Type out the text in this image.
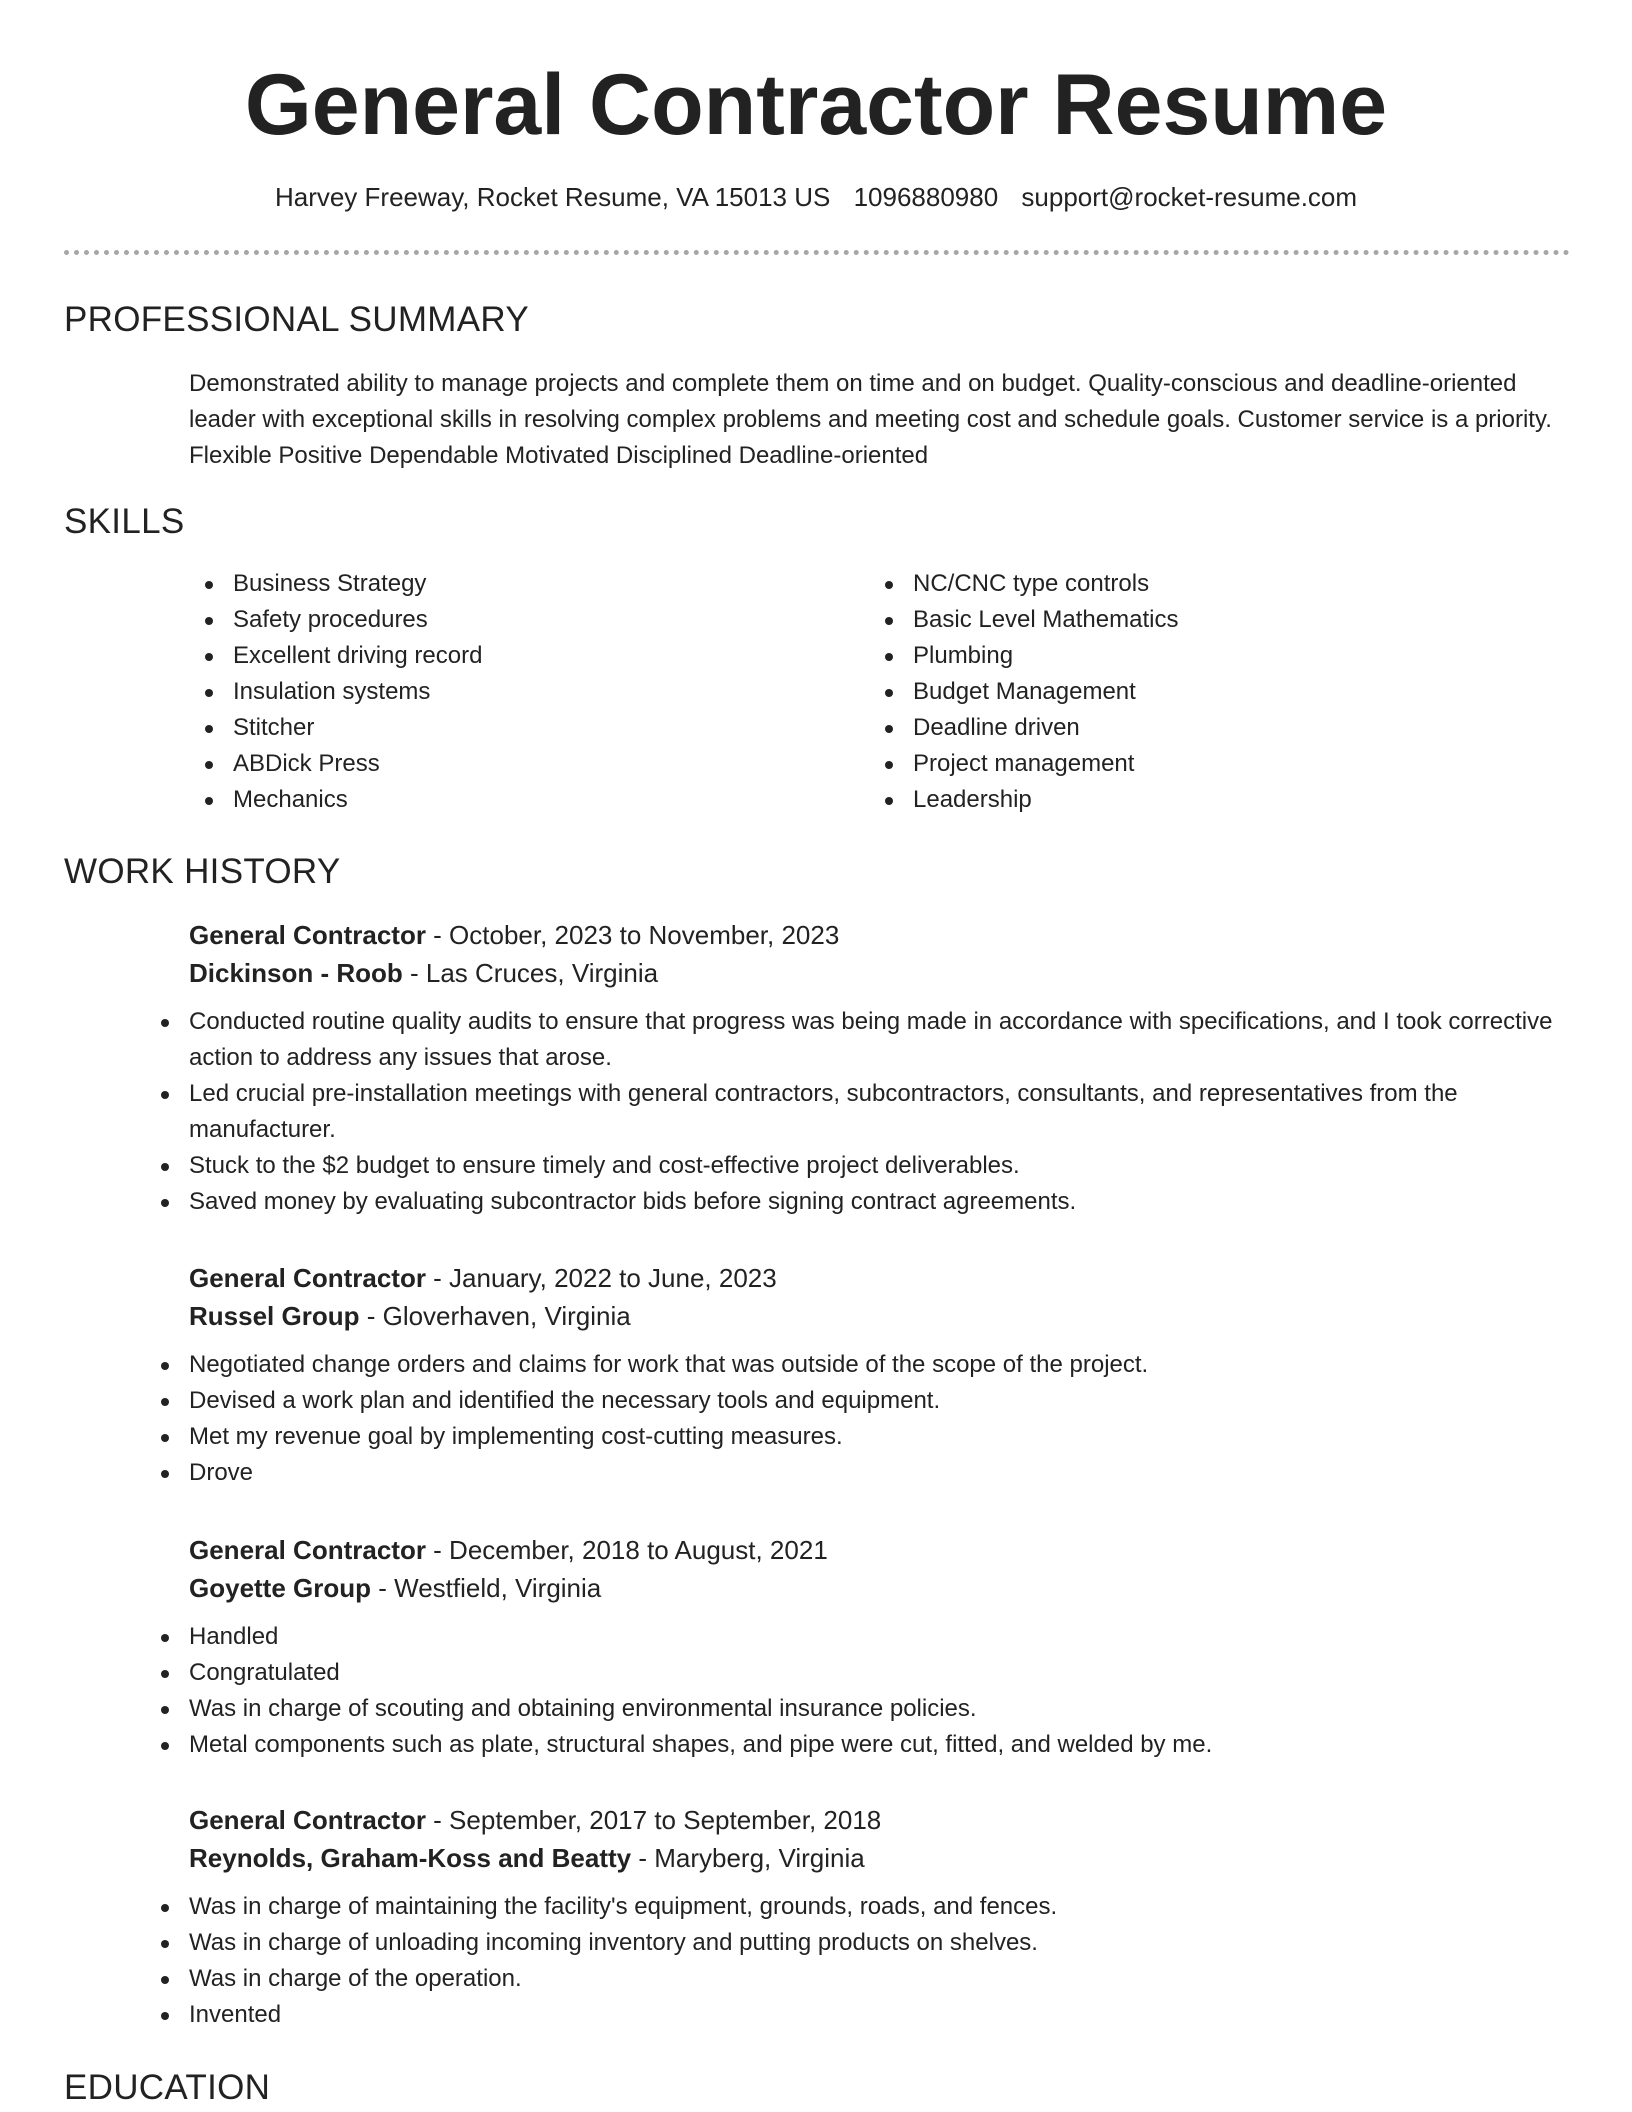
General Contractor Resume
Harvey Freeway, Rocket Resume, VA 15013 US 1096880980 support@rocket-resume.com
PROFESSIONAL SUMMARY

Demonstrated ability to manage projects and complete them on time and on budget. Quality-conscious and deadline-oriented leader with exceptional skills in resolving complex problems and meeting cost and schedule goals. Customer service is a priority. Flexible Positive Dependable Motivated Disciplined Deadline-oriented

SKILLS
Business Strategy
Safety procedures
Excellent driving record
Insulation systems
Stitcher
ABDick Press
Mechanics
NC/CNC type controls
Basic Level Mathematics
Plumbing
Budget Management
Deadline driven
Project management
Leadership
WORK HISTORY
General Contractor - October, 2023 to November, 2023
Dickinson - Roob - Las Cruces, Virginia
Conducted routine quality audits to ensure that progress was being made in accordance with specifications, and I took corrective action to address any issues that arose.
Led crucial pre-installation meetings with general contractors, subcontractors, consultants, and representatives from the manufacturer.
Stuck to the $2 budget to ensure timely and cost-effective project deliverables.
Saved money by evaluating subcontractor bids before signing contract agreements.
General Contractor - January, 2022 to June, 2023
Russel Group - Gloverhaven, Virginia
Negotiated change orders and claims for work that was outside of the scope of the project.
Devised a work plan and identified the necessary tools and equipment.
Met my revenue goal by implementing cost-cutting measures.
Drove
General Contractor - December, 2018 to August, 2021
Goyette Group - Westfield, Virginia
Handled
Congratulated
Was in charge of scouting and obtaining environmental insurance policies.
Metal components such as plate, structural shapes, and pipe were cut, fitted, and welded by me.
General Contractor - September, 2017 to September, 2018
Reynolds, Graham-Koss and Beatty - Maryberg, Virginia
Was in charge of maintaining the facility's equipment, grounds, roads, and fences.
Was in charge of unloading incoming inventory and putting products on shelves.
Was in charge of the operation.
Invented
EDUCATION
